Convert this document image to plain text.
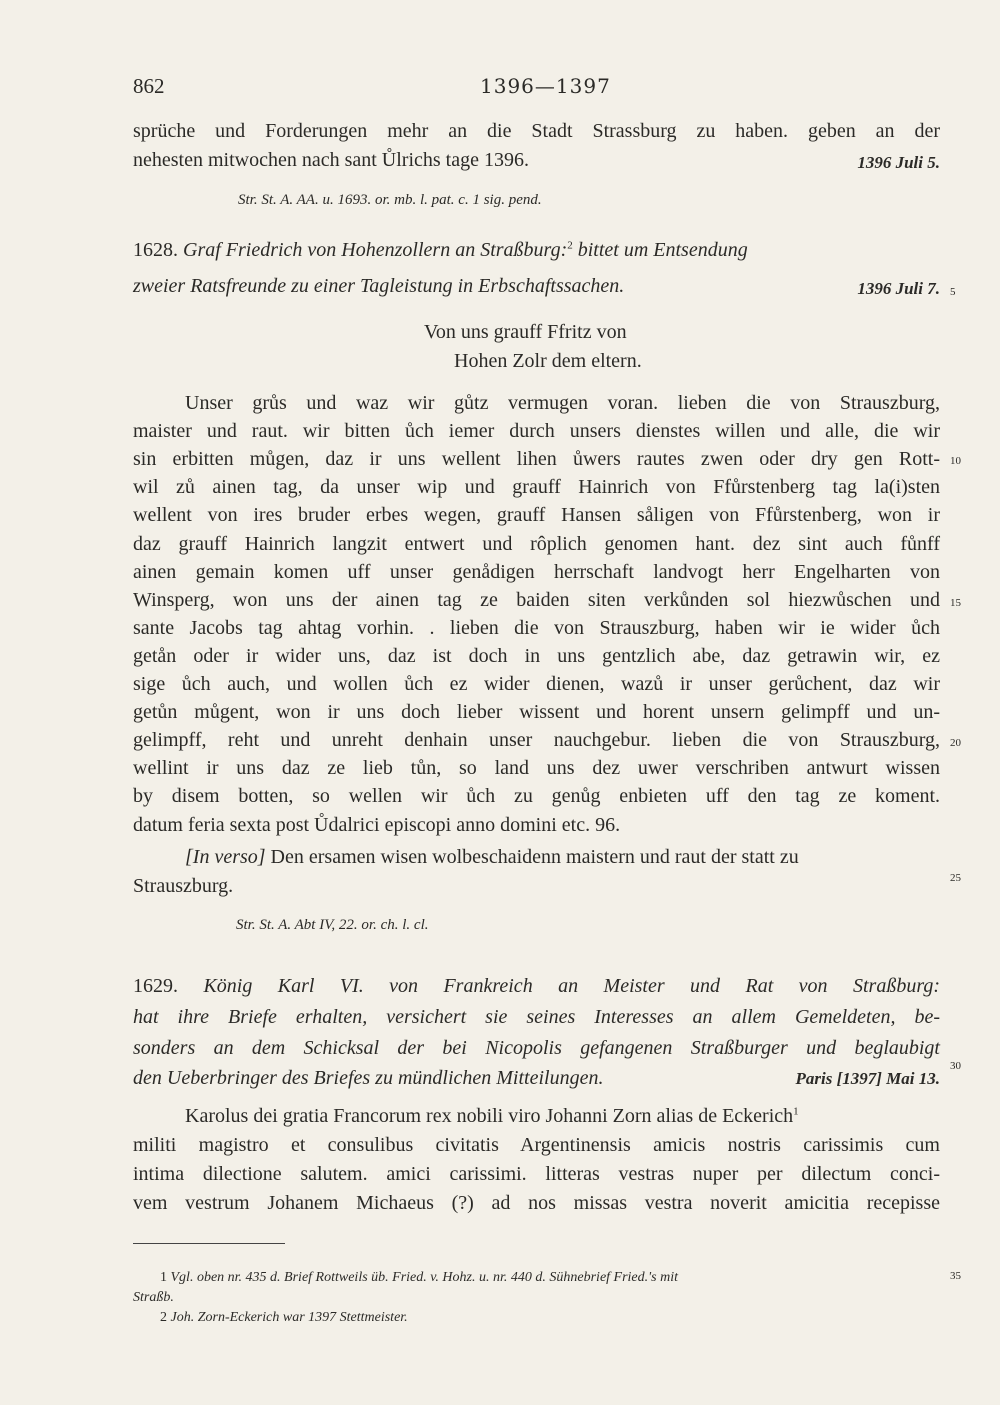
862	1396—1397
sprüche und Forderungen mehr an die Stadt Strassburg zu haben. geben an der
nehesten mitwochen nach sant Ůlrichs tage 1396.	1396 Juli 5.
Str. St. A. AA. u. 1693. or. mb. l. pat. c. 1 sig. pend.
1628. Graf Friedrich von Hohenzollern an Straßburg:$^2$ bittet um Entsendung
zweier Ratsfreunde zu einer Tagleistung in Erbschaftssachen.	1396 Juli 7.
Von uns grauff Ffritz von
Hohen Zolr dem eltern.
Unser grůs und waz wir gůtz vermugen voran. lieben die von Strauszburg,
maister und raut. wir bitten ůch iemer durch unsers dienstes willen und alle, die wir
sin erbitten můgen, daz ir uns wellent lihen ůwers rautes zwen oder dry gen Rott-
wil zů ainen tag, da unser wip und grauff Hainrich von Ffůrstenberg tag la(i)sten
wellent von ires bruder erbes wegen, grauff Hansen såligen von Ffůrstenberg, won ir
daz grauff Hainrich langzit entwert und rôplich genomen hant. dez sint auch fůnff
ainen gemain komen uff unser genådigen herrschaft landvogt herr Engelharten von
Winsperg, won uns der ainen tag ze baiden siten verkůnden sol hiezwůschen und
sante Jacobs tag ahtag vorhin. . lieben die von Strauszburg, haben wir ie wider ůch
getån oder ir wider uns, daz ist doch in uns gentzlich abe, daz getrawin wir, ez
sige ůch auch, und wollen ůch ez wider dienen, wazů ir unser gerůchent, daz wir
getůn můgent, won ir uns doch lieber wissent und horent unsern gelimpff und un-
gelimpff, reht und unreht denhain unser nauchgebur. lieben die von Strauszburg,
wellint ir uns daz ze lieb tůn, so land uns dez uwer verschriben antwurt wissen
by disem botten, so wellen wir ůch zu genůg enbieten uff den tag ze koment.
datum feria sexta post Ůdalrici episcopi anno domini etc. 96.
[In verso] Den ersamen wisen wolbeschaidenn maistern und raut der statt zu
Strauszburg.
Str. St. A. Abt IV, 22. or. ch. l. cl.
1629. König Karl VI. von Frankreich an Meister und Rat von Straßburg:
hat ihre Briefe erhalten, versichert sie seines Interesses an allem Gemeldeten, be-
sonders an dem Schicksal der bei Nicopolis gefangenen Straßburger und beglaubigt
den Ueberbringer des Briefes zu mündlichen Mitteilungen.	Paris [1397] Mai 13.
Karolus dei gratia Francorum rex nobili viro Johanni Zorn alias de Eckerich$^1$
militi magistro et consulibus civitatis Argentinensis amicis nostris carissimis cum
intima dilectione salutem. amici carissimi. litteras vestras nuper per dilectum conci-
vem vestrum Johanem Michaeus (?) ad nos missas vestra noverit amicitia recepisse
1 Vgl. oben nr. 435 d. Brief Rottweils üb. Fried. v. Hohz. u. nr. 440 d. Sühnebrief Fried.'s mit
Straßb.
2 Joh. Zorn-Eckerich war 1397 Stettmeister.
5
10
15
20
25
30
35
